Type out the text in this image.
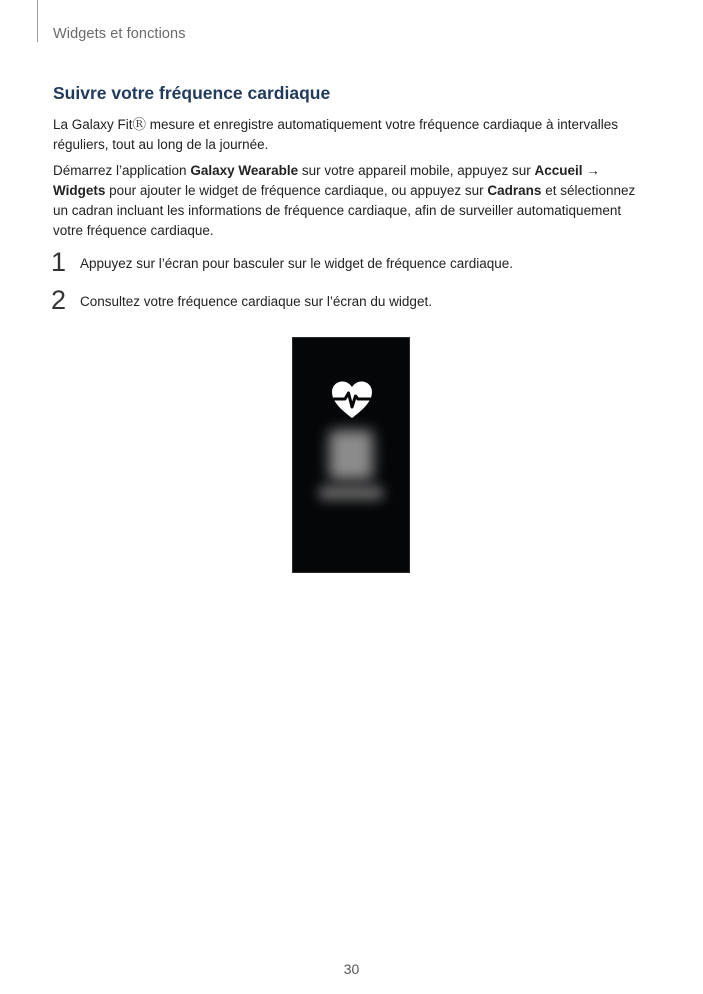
Widgets et fonctions
Suivre votre fréquence cardiaque

La Galaxy FitⓇ mesure et enregistre automatiquement votre fréquence cardiaque à intervalles réguliers, tout au long de la journée.

Démarrez l’application Galaxy Wearable sur votre appareil mobile, appuyez sur Accueil → Widgets pour ajouter le widget de fréquence cardiaque, ou appuyez sur Cadrans et sélectionnez un cadran incluant les informations de fréquence cardiaque, afin de surveiller automatiquement votre fréquence cardiaque.

1 Appuyez sur l’écran pour basculer sur le widget de fréquence cardiaque.
2 Consultez votre fréquence cardiaque sur l’écran du widget.
30
